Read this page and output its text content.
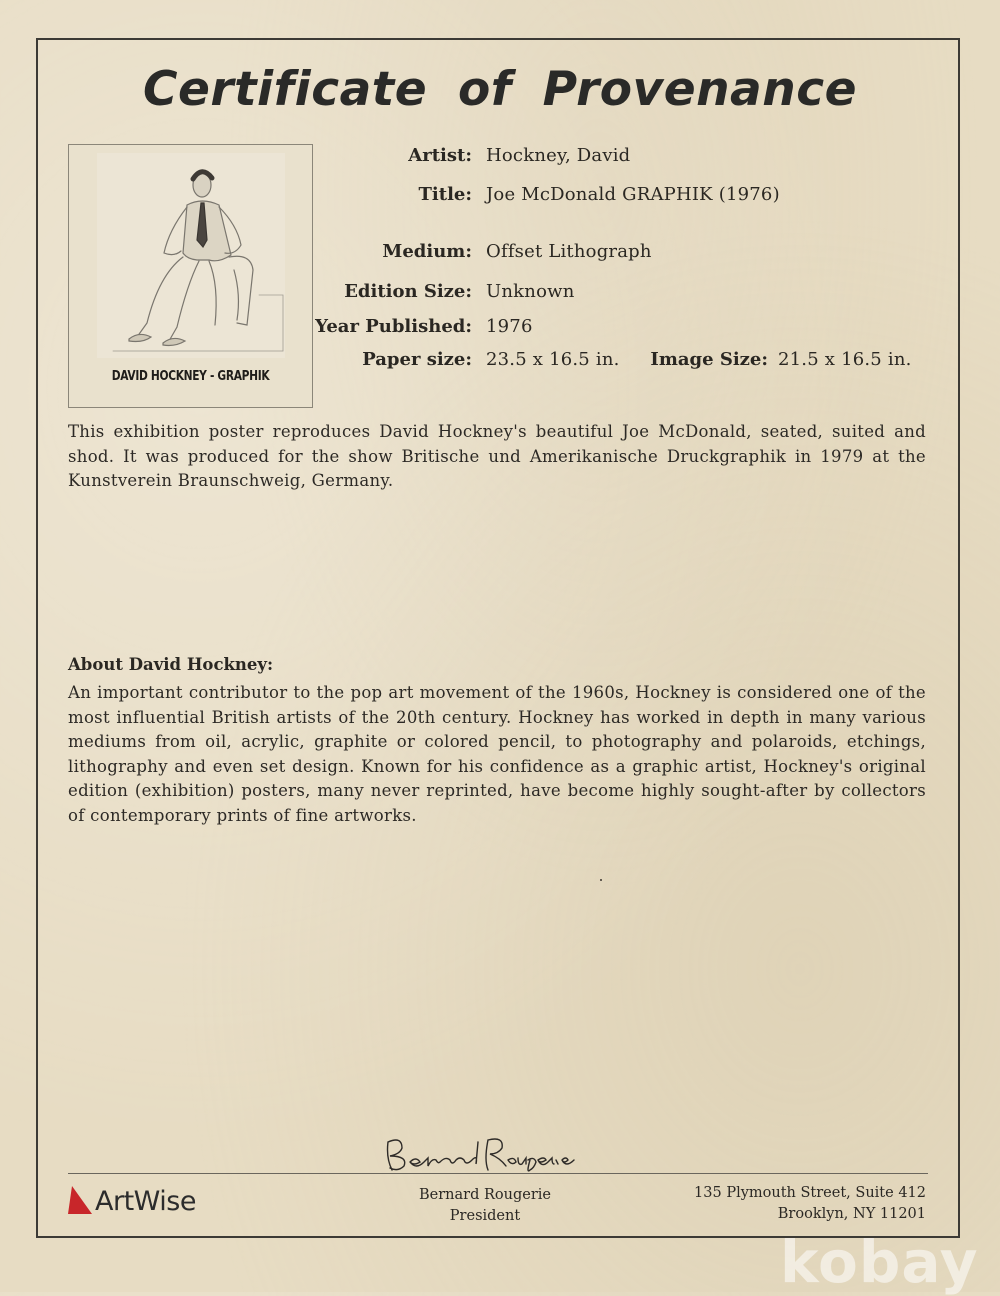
Certificate of Provenance
DAVID HOCKNEY - GRAPHIK
Artist: Hockney, David
Title: Joe McDonald GRAPHIK (1976)
Medium: Offset Lithograph
Edition Size: Unknown
Year Published: 1976
Paper size: 23.5 x 16.5 in.	Image Size: 21.5 x 16.5 in.
This exhibition poster reproduces David Hockney's beautiful Joe McDonald, seated, suited and shod. It was produced for the show Britische und Amerikanische Druckgraphik in 1979 at the Kunstverein Braunschweig, Germany.
About David Hockney:
An important contributor to the pop art movement of the 1960s, Hockney is considered one of the most influential British artists of the 20th century. Hockney has worked in depth in many various mediums from oil, acrylic, graphite or colored pencil, to photography and polaroids, etchings, lithography and even set design. Known for his confidence as a graphic artist, Hockney's original edition (exhibition) posters, many never reprinted, have become highly sought-after by collectors of contemporary prints of fine artworks.
ArtWise	Bernard Rougerie
President
135 Plymouth Street, Suite 412
Brooklyn, NY 11201
kobay
